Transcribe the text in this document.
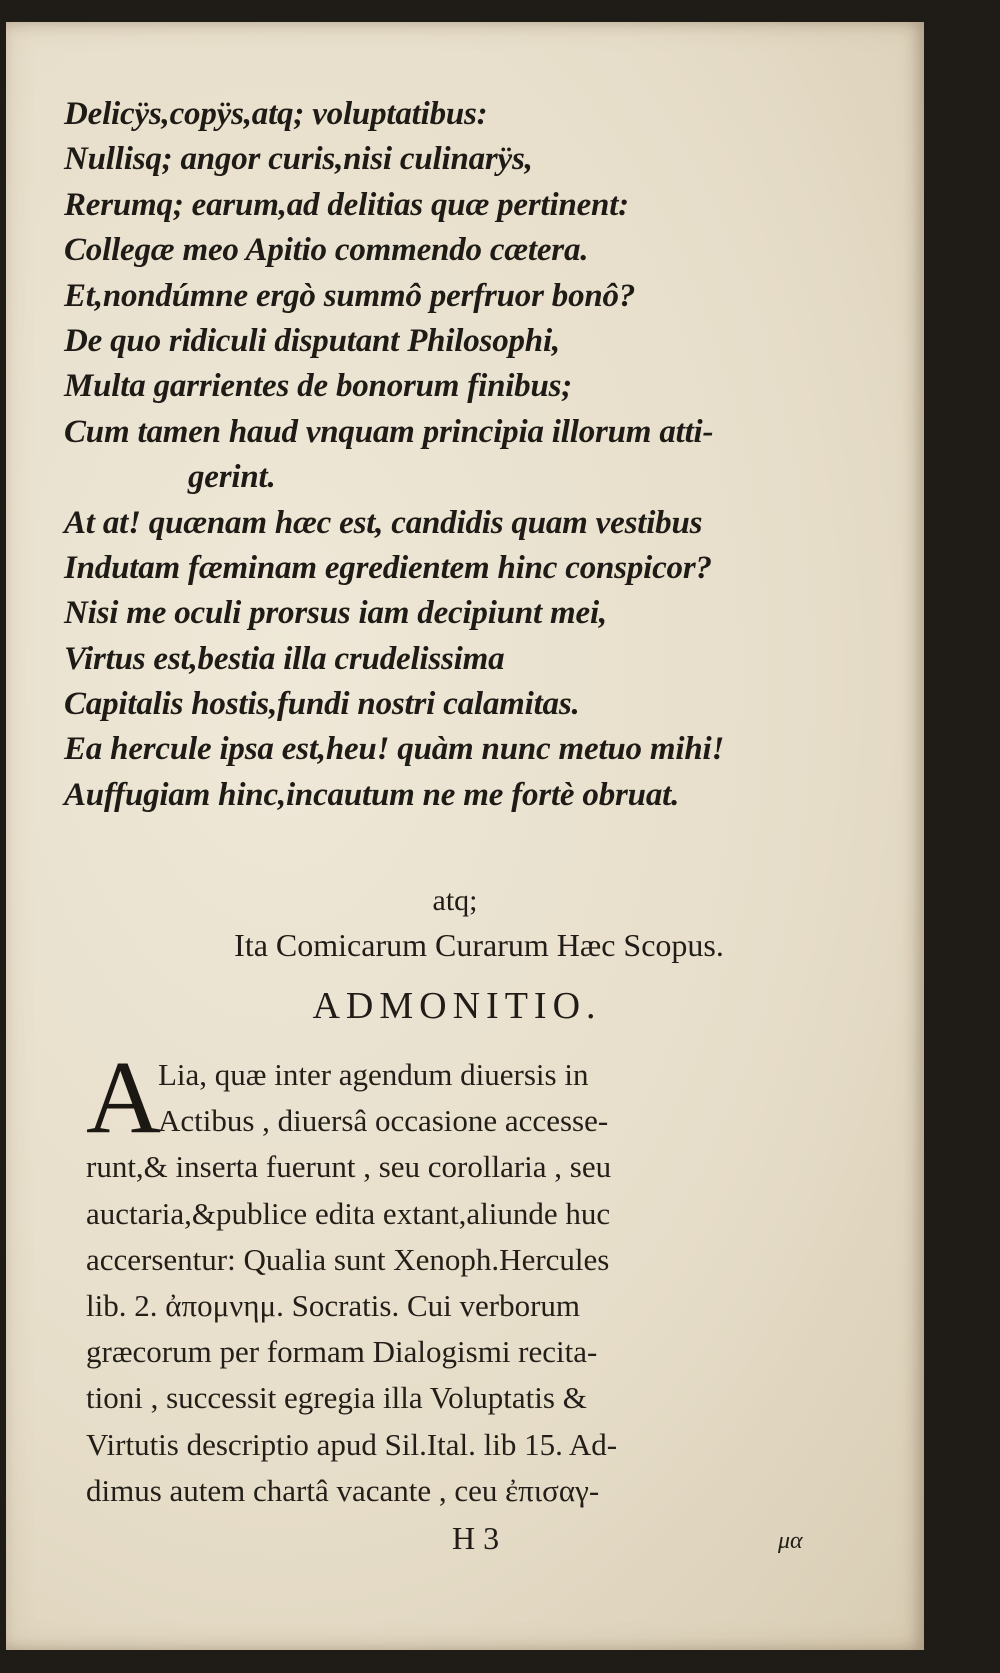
Delicÿs,copÿs,atq; voluptatibus:
Nullisq; angor curis,nisi culinarÿs,
Rerumq; earum,ad delitias quæ pertinent:
Collegæ meo Apitio commendo cætera.
Et,nondúmne ergò summô perfruor bonô?
De quo ridiculi disputant Philosophi,
Multa garrientes de bonorum finibus;
Cum tamen haud vnquam principia illorum atti-
gerint.
At at! quænam hæc est, candidis quam vestibus
Indutam fæminam egredientem hinc conspicor?
Nisi me oculi prorsus iam decipiunt mei,
Virtus est,bestia illa crudelissima
Capitalis hostis,fundi nostri calamitas.
Ea hercule ipsa est,heu! quàm nunc metuo mihi!
Auffugiam hinc,incautum ne me fortè obruat.
atq;
Ita Comicarum Curarum Hæc Scopus.
ADMONITIO.
A
Lia, quæ inter agendum diuersis in
Actibus , diuersâ occasione accesse-
runt,& inserta fuerunt , seu corollaria , seu
auctaria,&publice edita extant,aliunde huc
accersentur: Qualia sunt Xenoph.Hercules
lib. 2. ἀπομνημ. Socratis. Cui verborum
græcorum per formam Dialogismi recita-
tioni , successit egregia illa Voluptatis &
Virtutis descriptio apud Sil.Ital. lib 15. Ad-
dimus autem chartâ vacante , ceu ἐπισαγ-
H 3	μα
